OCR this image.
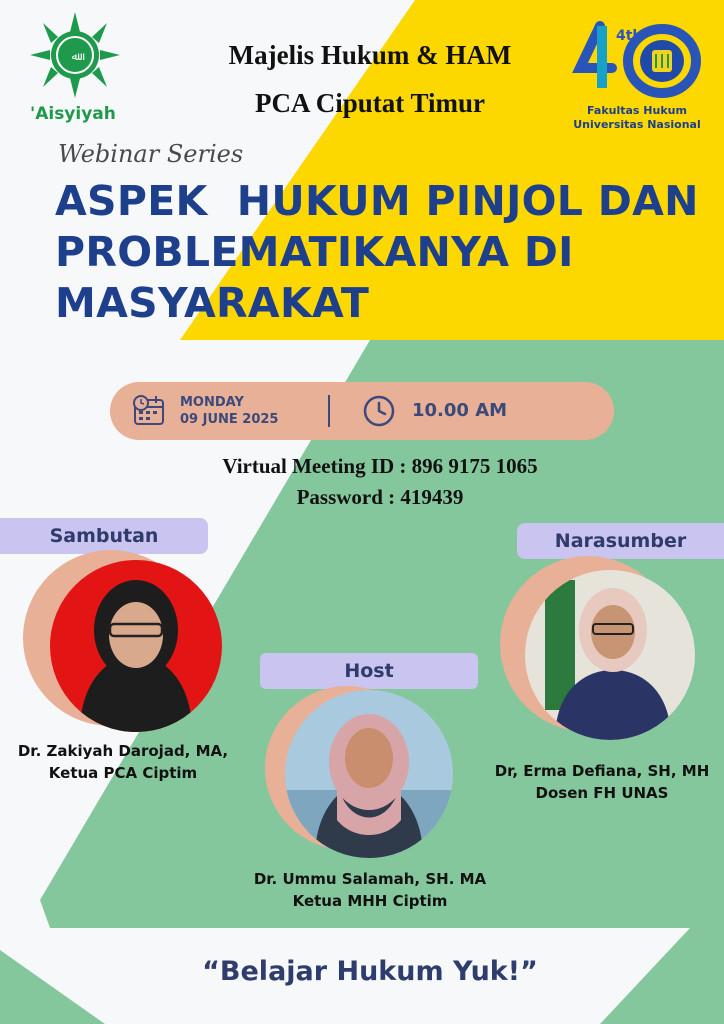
ﷲ
'Aisyiyah
Majelis Hukum & HAM
PCA Ciputat Timur
4th
Fakultas Hukum
Universitas Nasional
Webinar Series
ASPEK  HUKUM PINJOL DAN
PROBLEMATIKANYA DI
MASYARAKAT
MONDAY
09 JUNE 2025	10.00 AM
Virtual Meeting ID : 896 9175 1065
Password : 419439
Sambutan
Dr. Zakiyah Darojad, MA,
Ketua PCA Ciptim
Host
Dr. Ummu Salamah, SH. MA
Ketua MHH Ciptim
Narasumber
Dr, Erma Defiana, SH, MH
Dosen FH UNAS
“Belajar Hukum Yuk!”
